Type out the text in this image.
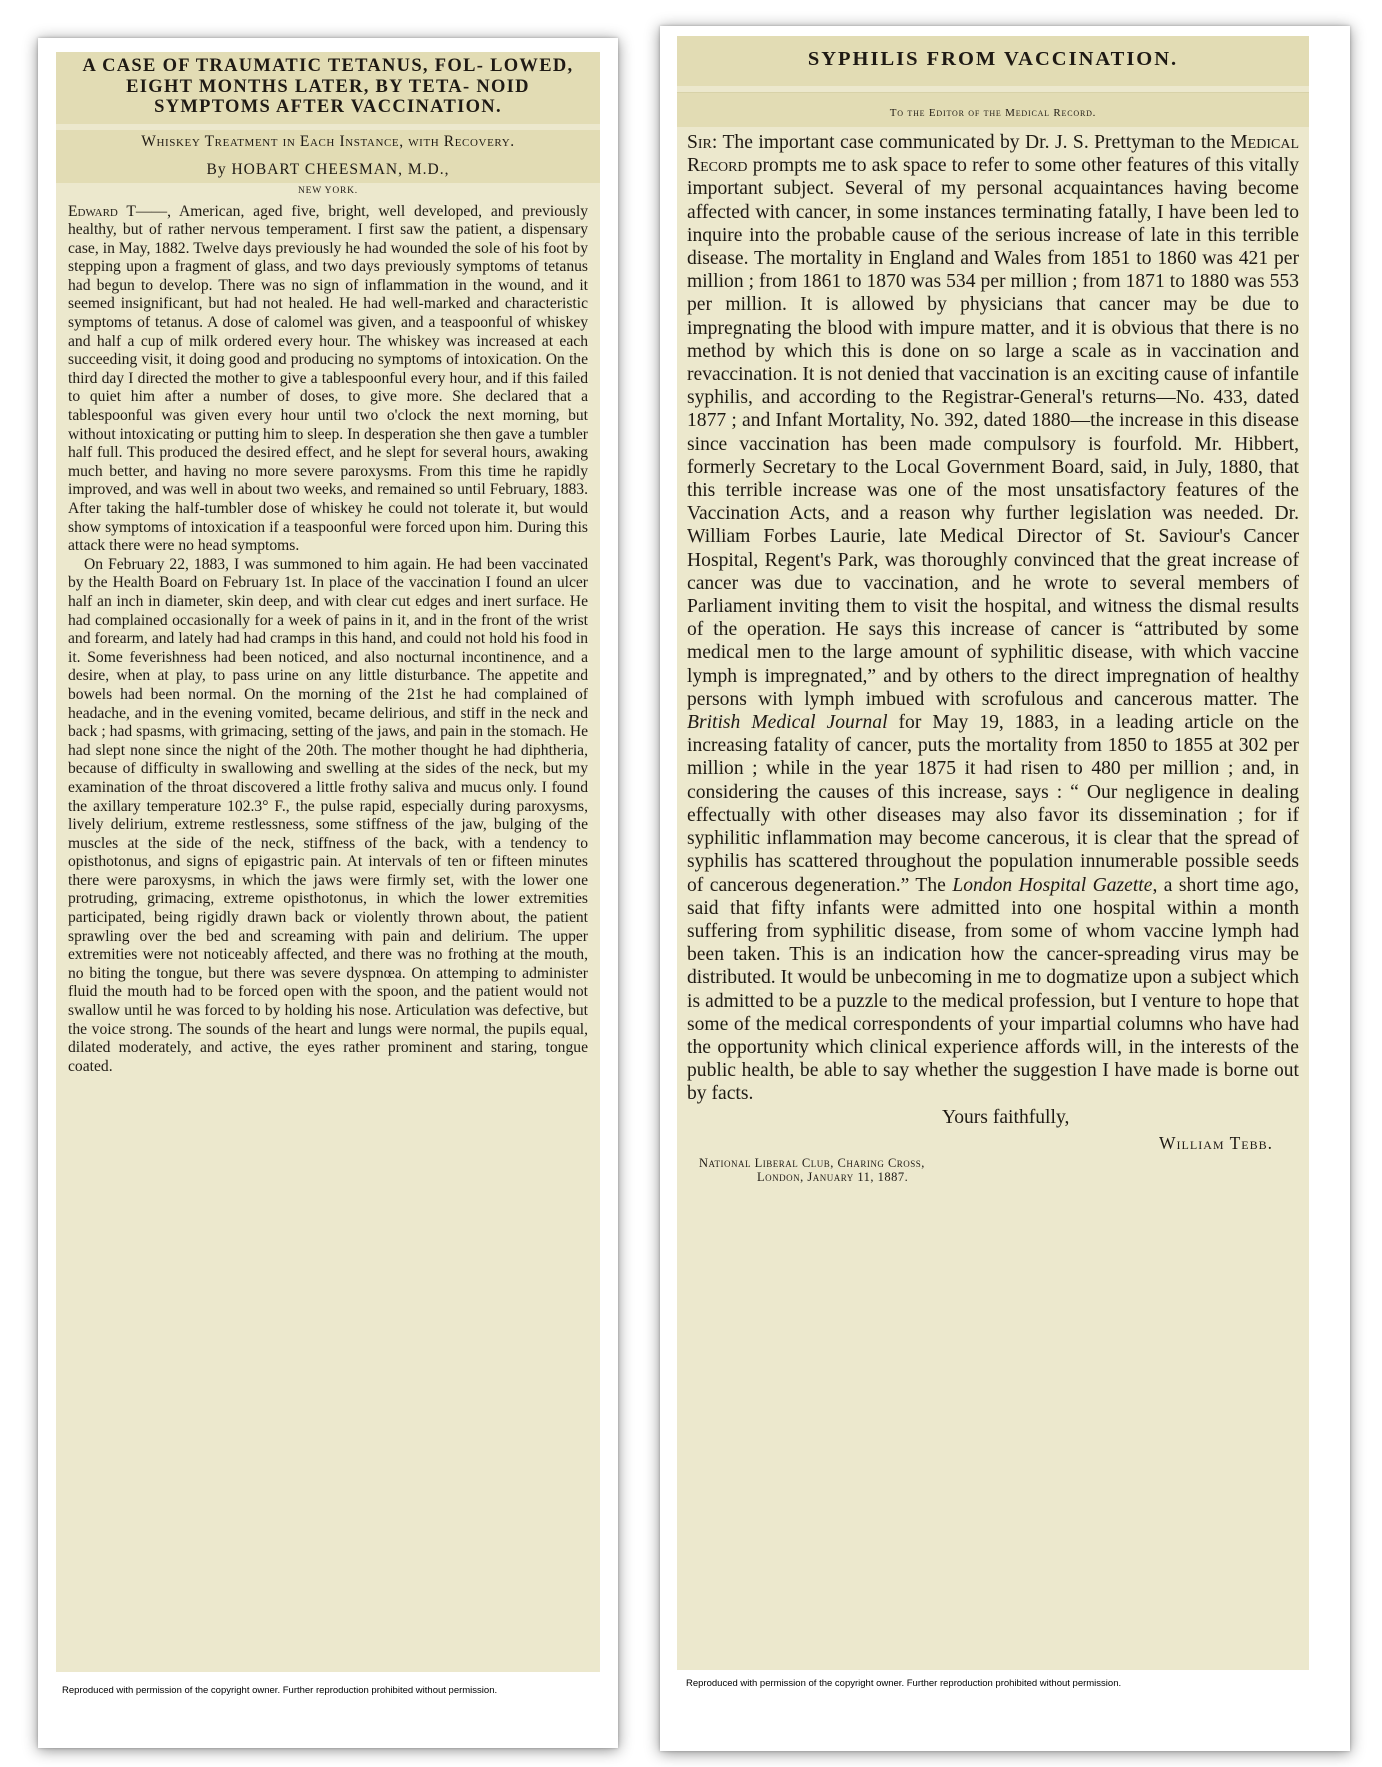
A CASE OF TRAUMATIC TETANUS, FOL- LOWED, EIGHT MONTHS LATER, BY TETA- NOID SYMPTOMS AFTER VACCINATION.
Whiskey Treatment in Each Instance, with Recovery.
By HOBART CHEESMAN, M.D.,
NEW YORK.

Edward T——, American, aged five, bright, well developed, and previously healthy, but of rather nervous temperament. I first saw the patient, a dispensary case, in May, 1882. Twelve days previously he had wounded the sole of his foot by stepping upon a fragment of glass, and two days previously symptoms of tetanus had begun to develop. There was no sign of inflammation in the wound, and it seemed insignificant, but had not healed. He had well-marked and characteristic symptoms of tetanus. A dose of calomel was given, and a teaspoonful of whiskey and half a cup of milk ordered every hour. The whiskey was increased at each succeeding visit, it doing good and producing no symptoms of intoxication. On the third day I directed the mother to give a tablespoonful every hour, and if this failed to quiet him after a number of doses, to give more. She declared that a tablespoonful was given every hour until two o'clock the next morning, but without intoxicating or putting him to sleep. In desperation she then gave a tumbler half full. This produced the desired effect, and he slept for several hours, awaking much better, and having no more severe paroxysms. From this time he rapidly improved, and was well in about two weeks, and remained so until February, 1883. After taking the half-tumbler dose of whiskey he could not tolerate it, but would show symptoms of intoxication if a teaspoonful were forced upon him. During this attack there were no head symptoms.

On February 22, 1883, I was summoned to him again. He had been vaccinated by the Health Board on February 1st. In place of the vaccination I found an ulcer half an inch in diameter, skin deep, and with clear cut edges and inert surface. He had complained occasionally for a week of pains in it, and in the front of the wrist and forearm, and lately had had cramps in this hand, and could not hold his food in it. Some feverishness had been noticed, and also nocturnal incontinence, and a desire, when at play, to pass urine on any little disturbance. The appetite and bowels had been normal. On the morning of the 21st he had complained of headache, and in the evening vomited, became delirious, and stiff in the neck and back ; had spasms, with grimacing, setting of the jaws, and pain in the stomach. He had slept none since the night of the 20th. The mother thought he had diphtheria, because of difficulty in swallowing and swelling at the sides of the neck, but my examination of the throat discovered a little frothy saliva and mucus only. I found the axillary temperature 102.3° F., the pulse rapid, especially during paroxysms, lively delirium, extreme restlessness, some stiffness of the jaw, bulging of the muscles at the side of the neck, stiffness of the back, with a tendency to opisthotonus, and signs of epigastric pain. At intervals of ten or fifteen minutes there were paroxysms, in which the jaws were firmly set, with the lower one protruding, grimacing, extreme opisthotonus, in which the lower extremities participated, being rigidly drawn back or violently thrown about, the patient sprawling over the bed and screaming with pain and delirium. The upper extremities were not noticeably affected, and there was no frothing at the mouth, no biting the tongue, but there was severe dyspnœa. On attemping to administer fluid the mouth had to be forced open with the spoon, and the patient would not swallow until he was forced to by holding his nose. Articulation was defective, but the voice strong. The sounds of the heart and lungs were normal, the pupils equal, dilated moderately, and active, the eyes rather prominent and staring, tongue coated.

Reproduced with permission of the copyright owner. Further reproduction prohibited without permission.
SYPHILIS FROM VACCINATION.
To the Editor of the Medical Record.

Sir: The important case communicated by Dr. J. S. Prettyman to the Medical Record prompts me to ask space to refer to some other features of this vitally important subject. Several of my personal acquaintances having become affected with cancer, in some instances terminating fatally, I have been led to inquire into the probable cause of the serious increase of late in this terrible disease. The mortality in England and Wales from 1851 to 1860 was 421 per million ; from 1861 to 1870 was 534 per million ; from 1871 to 1880 was 553 per million. It is allowed by physicians that cancer may be due to impregnating the blood with impure matter, and it is obvious that there is no method by which this is done on so large a scale as in vaccination and revaccination. It is not denied that vaccination is an exciting cause of infantile syphilis, and according to the Registrar-General's returns—No. 433, dated 1877 ; and Infant Mortality, No. 392, dated 1880—the increase in this disease since vaccination has been made compulsory is fourfold. Mr. Hibbert, formerly Secretary to the Local Government Board, said, in July, 1880, that this terrible increase was one of the most unsatisfactory features of the Vaccination Acts, and a reason why further legislation was needed. Dr. William Forbes Laurie, late Medical Director of St. Saviour's Cancer Hospital, Regent's Park, was thoroughly convinced that the great increase of cancer was due to vaccination, and he wrote to several members of Parliament inviting them to visit the hospital, and witness the dismal results of the operation. He says this increase of cancer is “attributed by some medical men to the large amount of syphilitic disease, with which vaccine lymph is impregnated,” and by others to the direct impregnation of healthy persons with lymph imbued with scrofulous and cancerous matter. The British Medical Journal for May 19, 1883, in a leading article on the increasing fatality of cancer, puts the mortality from 1850 to 1855 at 302 per million ; while in the year 1875 it had risen to 480 per million ; and, in considering the causes of this increase, says : “ Our negligence in dealing effectually with other diseases may also favor its dissemination ; for if syphilitic inflammation may become cancerous, it is clear that the spread of syphilis has scattered throughout the population innumerable possible seeds of cancerous degeneration.” The London Hospital Gazette, a short time ago, said that fifty infants were admitted into one hospital within a month suffering from syphilitic disease, from some of whom vaccine lymph had been taken. This is an indication how the cancer-spreading virus may be distributed. It would be unbecoming in me to dogmatize upon a subject which is admitted to be a puzzle to the medical profession, but I venture to hope that some of the medical correspondents of your impartial columns who have had the opportunity which clinical experience affords will, in the interests of the public health, be able to say whether the suggestion I have made is borne out by facts.

Yours faithfully,
William Tebb.
National Liberal Club, Charing Cross,
London, January 11, 1887.
Reproduced with permission of the copyright owner. Further reproduction prohibited without permission.
